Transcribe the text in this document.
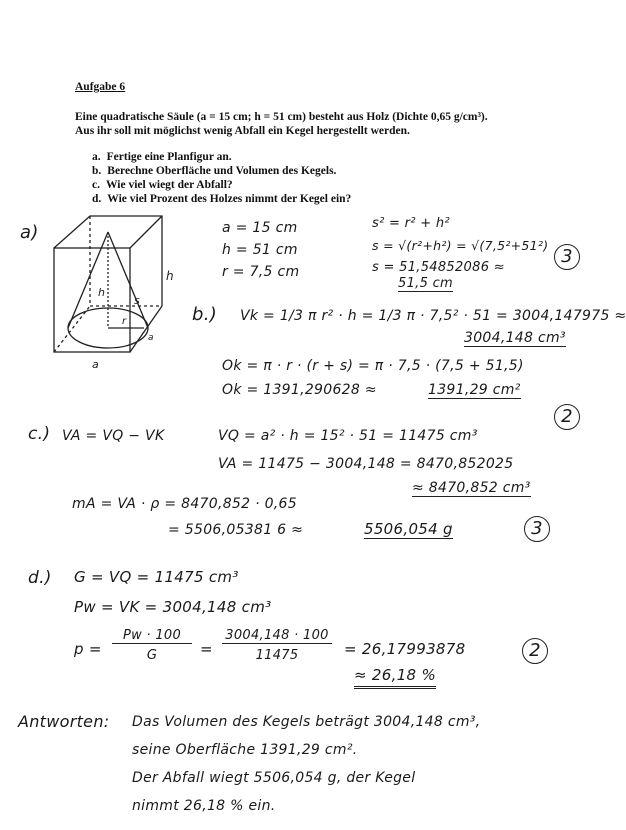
Aufgabe 6
Eine quadratische Säule (a = 15 cm; h = 51 cm) besteht aus Holz (Dichte 0,65 g/cm³).
Aus ihr soll mit möglichst wenig Abfall ein Kegel hergestellt werden.
a. Fertige eine Planfigur an.
b. Berechne Oberfläche und Volumen des Kegels.
c. Wie viel wiegt der Abfall?
d. Wie viel Prozent des Holzes nimmt der Kegel ein?
a)
h
h
s
r
a
a
a = 15 cm
h = 51 cm
r = 7,5 cm
s² = r² + h²
s = √(r²+h²) = √(7,5²+51²)
s = 51,54852086 ≈
51,5 cm
3
b.) Vk = 1/3 π r² · h = 1/3 π · 7,5² · 51 = 3004,147975 ≈
3004,148 cm³
Ok = π · r · (r + s) = π · 7,5 · (7,5 + 51,5)
Ok = 1391,290628 ≈	1391,29 cm²
2
c.) VA = VQ − VK	VQ = a² · h = 15² · 51 = 11475 cm³
VA = 11475 − 3004,148 = 8470,852025
≈ 8470,852 cm³
mA = VA · ρ = 8470,852 · 0,65
= 5506,05381 6 ≈	5506,054 g	3
d.) G = VQ = 11475 cm³
Pw = VK = 3004,148 cm³
p =
Pw · 100
G	=
3004,148 · 100
11475	= 26,17993878
≈ 26,18 %
2
Antworten: Das Volumen des Kegels beträgt 3004,148 cm³,
seine Oberfläche 1391,29 cm².
Der Abfall wiegt 5506,054 g, der Kegel
nimmt 26,18 % ein.
